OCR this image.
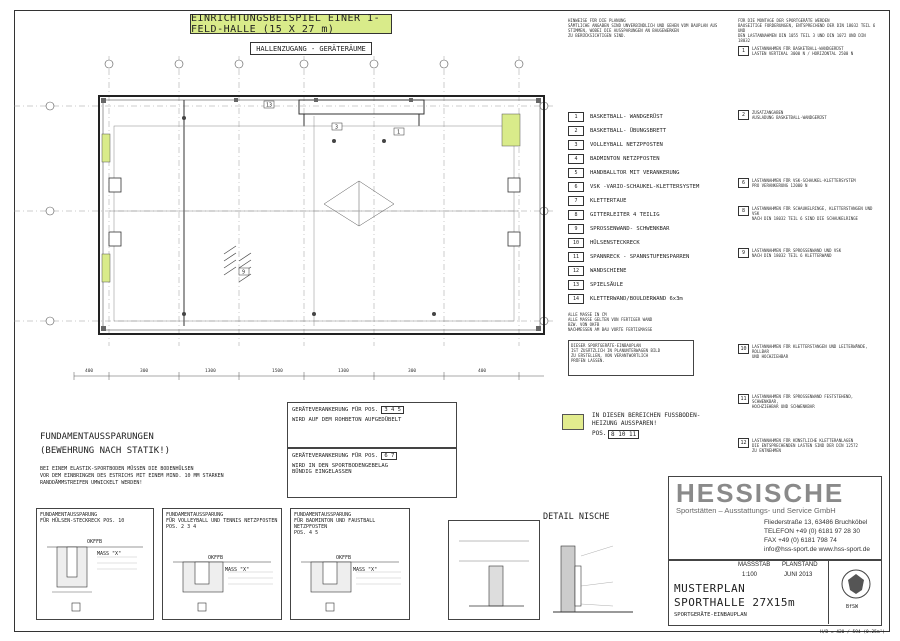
EINRICHTUNGSBEISPIEL EINER 1-FELD-HALLE (15 X 27 m)
HALLENZUGANG - GERÄTERÄUME
13
3
9
1
400	300	1300	1500	1300	300	400
HINWEISE FÜR DIE PLANUNG
SÄMTLICHE ANGABEN SIND UNVERBINDLICH UND GEHEN VOM BAUPLAN AUS
STIMMEN, WOBEI DIE AUSSPARUNGEN AN BAUGEWERKEN
ZU BERÜCKSICHTIGEN SIND.
1	BASKETBALL- WANDGERÜST
2	BASKETBALL- ÜBUNGSBRETT
3	VOLLEYBALL NETZPFOSTEN
4	BADMINTON NETZPFOSTEN
5	HANDBALLTOR MIT VERANKERUNG
6	VSK -VARIO-SCHAUKEL-KLETTERSYSTEM
7	KLETTERTAUE
8	GITTERLEITER 4 TEILIG
9	SPROSSENWAND- SCHWENKBAR
10	HÜLSENSTECKRECK
11	SPANNRECK - SPANNSTUFENSPARREN
12	WANDSCHIENE
13	SPIELSÄULE
14	KLETTERWAND/BOULDERWAND 6x3m
ALLE MASSE IN CM
ALLE MASSE GELTEN VON FERTIGER WAND
BZW. VON OKFB
NACHMESSEN AM BAU VORTE FERTIGMASSE
DIESER SPORTGERÄTE-EINBAUPLAN
IST ZUSÄTZLICH IN PLANUNTERWAGEN BILD
ZU ERSTELLEN, VON VERANTWORTLICH
PRÜFEN LASSEN.
IN DIESEN BEREICHEN FUSSBODEN-
HEIZUNG AUSSPAREN!
POS. 8 10 11
GERÄTEVERANKERUNG FÜR POS. 3 4 5
WIRD AUF DEM ROHBETON AUFGEDÜBELT
GERÄTEVERANKERUNG FÜR POS. 6 7
WIRD IN DEN SPORTBODENGEBELAG
BÜNDIG EINGELASSEN
FUNDAMENTAUSSPARUNGEN
(BEWEHRUNG NACH STATIK!)
BEI EINEM ELASTIK-SPORTBODEN MÜSSEN DIE BODENHÜLSEN
VOR DEM EINBRINGEN DES ESTRICHS MIT EINEM MIND. 10 MM STARKEN
RANDDÄMMSTREIFEN UMWICKELT WERDEN!
FUNDAMENTAUSSPARUNG
FÜR HÜLSEN-STECKRECK POS. 10
OKFFB
MASS "X"
FUNDAMENTAUSSPARUNG
FÜR VOLLEYBALL UND TENNIS NETZPFOSTEN
POS. 2 3 4
OKFFB
MASS "X"
FUNDAMENTAUSSPARUNG
FÜR BADMINTON UND FAUSTBALL NETZPFOSTEN
POS. 4 5
OKFFB
MASS "X"
DETAIL NISCHE
FÜR DIE MONTAGE DER SPORTGERÄTE WERDEN
BAUSEITIGE FORDERUNGEN, ENTSPRECHEND DER DIN 18032 TEIL 6 UND
DEN LASTANNAHMEN DIN 1055 TEIL 3 UND DIN 1072 UND DIN 18032
1	LASTANNAHMEN FÜR BASKETBALL-WANDGERÜST
LASTEN VERTIKAL 3000 N / HORIZONTAL 2500 N
2	ZUSATZANGABEN
AUSLADUNG BASKETBALL-WANDGERÜST
6	LASTANNAHMEN FÜR VSK-SCHAUKEL-KLETTERSYSTEM
PRO VERANKERUNG 12000 N
8	LASTANNAHMEN FÜR SCHAUKELRINGE, KLETTERSTANGEN UND VSK
NACH DIN 18032 TEIL 6 SIND DIE SCHAUKELRINGE
9	LASTANNAHMEN FÜR SPROSSENWAND UND VSK
NACH DIN 18032 TEIL 6 KLETTERWAND
10	LASTANNAHMEN FÜR KLETTERSTANGEN UND LEITERWÄNDE, ROLLBAR
UND HOCHZIEHBAR
11	LASTANNAHMEN FÜR SPROSSENWAND FESTSTEHEND, SCHWENKBAR,
HOCHZIEHBAR UND SCHWENKBAR
12	LASTANNAHMEN FÜR KÜNSTLICHE KLETTERANLAGEN
DIE ENTSPRECHENDEN LASTEN SIND DER DIN 12572
ZU ENTNEHMEN
HESSISCHE
Sportstätten – Ausstattungs- und Service GmbH
Fliederstraße 13, 63486 Bruchköbel
TELEFON +49 (0) 6181 97 28 30
FAX +49 (0) 6181 798 74
info@hss-sport.de www.hss-sport.de
MASSSTAB PLANSTAND
1:100	JUNI 2013
MUSTERPLAN
SPORTHALLE 27X15m
SPORTGERÄTE-EINBAUPLAN
BfSW
H/B = 420 / 594 (0.25m²)
